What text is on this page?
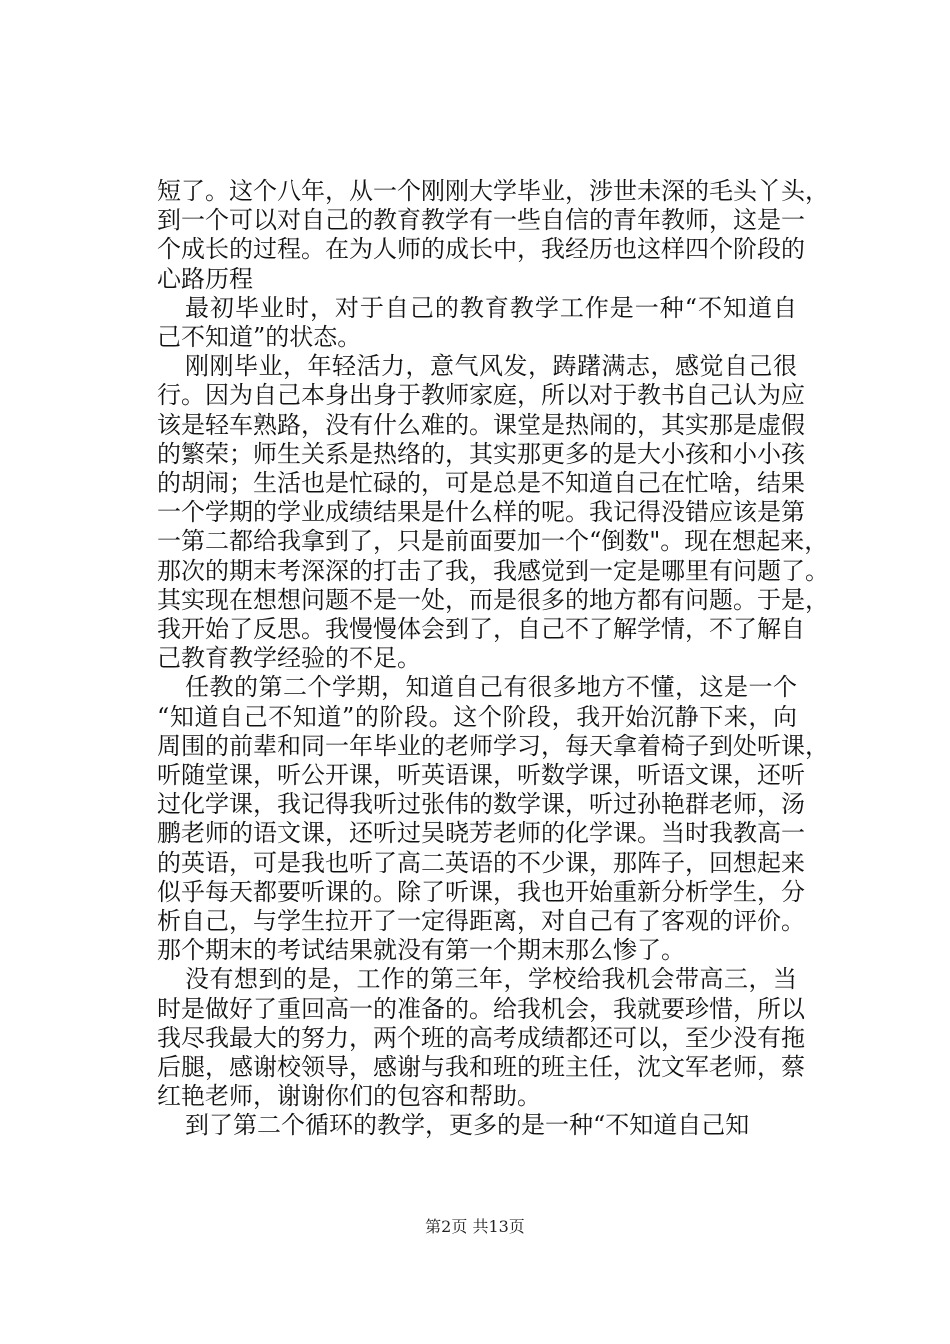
短了。这个八年，从一个刚刚大学毕业，涉世未深的毛头丫头，
到一个可以对自己的教育教学有一些自信的青年教师，这是一
个成长的过程。在为人师的成长中，我经历也这样四个阶段的
心路历程
最初毕业时，对于自己的教育教学工作是一种“不知道自
己不知道”的状态。
刚刚毕业，年轻活力，意气风发，踌躇满志，感觉自己很
行。因为自己本身出身于教师家庭，所以对于教书自己认为应
该是轻车熟路，没有什么难的。课堂是热闹的，其实那是虚假
的繁荣；师生关系是热络的，其实那更多的是大小孩和小小孩
的胡闹；生活也是忙碌的，可是总是不知道自己在忙啥，结果
一个学期的学业成绩结果是什么样的呢。我记得没错应该是第
一第二都给我拿到了，只是前面要加一个“倒数"。现在想起来，
那次的期末考深深的打击了我，我感觉到一定是哪里有问题了。
其实现在想想问题不是一处，而是很多的地方都有问题。于是，
我开始了反思。我慢慢体会到了，自己不了解学情，不了解自
己教育教学经验的不足。
任教的第二个学期，知道自己有很多地方不懂，这是一个
“知道自己不知道”的阶段。这个阶段，我开始沉静下来，向
周围的前辈和同一年毕业的老师学习，每天拿着椅子到处听课，
听随堂课，听公开课，听英语课，听数学课，听语文课，还听
过化学课，我记得我听过张伟的数学课，听过孙艳群老师，汤
鹏老师的语文课，还听过吴晓芳老师的化学课。当时我教高一
的英语，可是我也听了高二英语的不少课，那阵子，回想起来
似乎每天都要听课的。除了听课，我也开始重新分析学生，分
析自己，与学生拉开了一定得距离，对自己有了客观的评价。
那个期末的考试结果就没有第一个期末那么惨了。
没有想到的是，工作的第三年，学校给我机会带高三，当
时是做好了重回高一的准备的。给我机会，我就要珍惜，所以
我尽我最大的努力，两个班的高考成绩都还可以，至少没有拖
后腿，感谢校领导，感谢与我和班的班主任，沈文军老师，蔡
红艳老师，谢谢你们的包容和帮助。
到了第二个循环的教学，更多的是一种“不知道自己知
第2页 共13页
